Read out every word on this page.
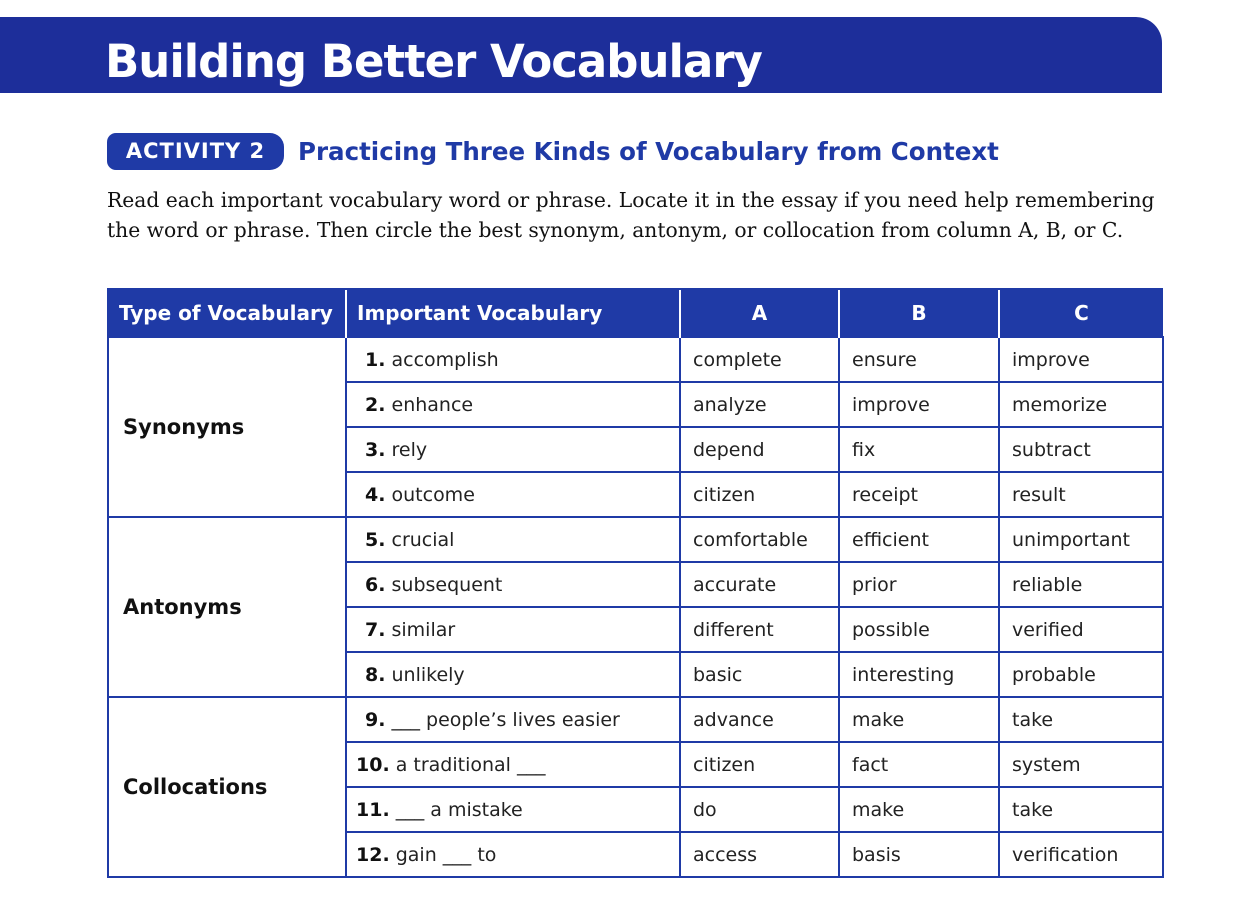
Building Better Vocabulary
ACTIVITY 2	Practicing Three Kinds of Vocabulary from Context
Read each important vocabulary word or phrase. Locate it in the essay if you need help remembering
the word or phrase. Then circle the best synonym, antonym, or collocation from column A, B, or C.
Type of Vocabulary	Important Vocabulary	A	B	C
Synonyms	1. accomplish	complete	ensure	improve
	2. enhance	analyze	improve	memorize
	3. rely	depend	fix	subtract
	4. outcome	citizen	receipt	result
Antonyms	5. crucial	comfortable	efficient	unimportant
	6. subsequent	accurate	prior	reliable
	7. similar	different	possible	verified
	8. unlikely	basic	interesting	probable
Collocations	9. ___ people’s lives easier	advance	make	take
	10. a traditional ___	citizen	fact	system
	11. ___ a mistake	do	make	take
	12. gain ___ to	access	basis	verification
